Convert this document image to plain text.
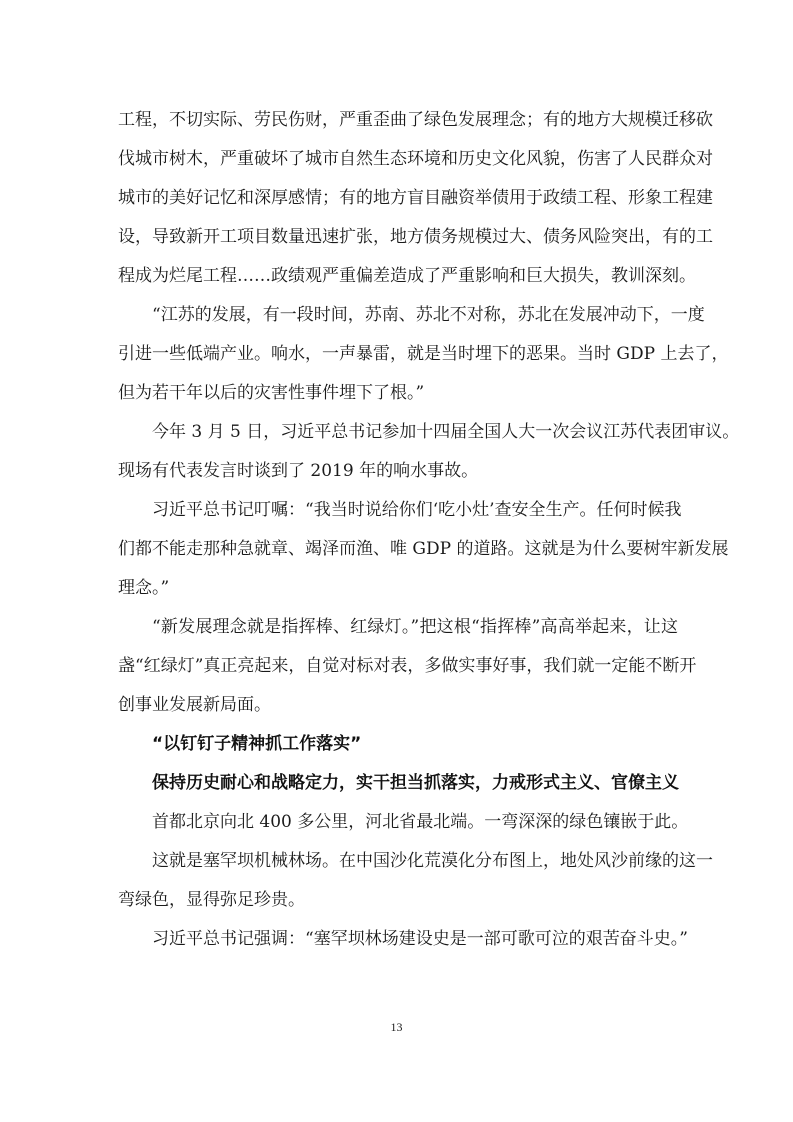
工程，不切实际、劳民伤财，严重歪曲了绿色发展理念；有的地方大规模迁移砍
伐城市树木，严重破坏了城市自然生态环境和历史文化风貌，伤害了人民群众对
城市的美好记忆和深厚感情；有的地方盲目融资举债用于政绩工程、形象工程建
设，导致新开工项目数量迅速扩张，地方债务规模过大、债务风险突出，有的工
程成为烂尾工程……政绩观严重偏差造成了严重影响和巨大损失，教训深刻。
“江苏的发展，有一段时间，苏南、苏北不对称，苏北在发展冲动下，一度
引进一些低端产业。响水，一声暴雷，就是当时埋下的恶果。当时 GDP 上去了，
但为若干年以后的灾害性事件埋下了根。”
今年 3 月 5 日，习近平总书记参加十四届全国人大一次会议江苏代表团审议。
现场有代表发言时谈到了 2019 年的响水事故。
习近平总书记叮嘱：“我当时说给你们‘吃小灶’查安全生产。任何时候我
们都不能走那种急就章、竭泽而渔、唯 GDP 的道路。这就是为什么要树牢新发展
理念。”
“新发展理念就是指挥棒、红绿灯。”把这根“指挥棒”高高举起来，让这
盏“红绿灯”真正亮起来，自觉对标对表，多做实事好事，我们就一定能不断开
创事业发展新局面。
“以钉钉子精神抓工作落实”
保持历史耐心和战略定力，实干担当抓落实，力戒形式主义、官僚主义
首都北京向北 400 多公里，河北省最北端。一弯深深的绿色镶嵌于此。
这就是塞罕坝机械林场。在中国沙化荒漠化分布图上，地处风沙前缘的这一
弯绿色，显得弥足珍贵。
习近平总书记强调：“塞罕坝林场建设史是一部可歌可泣的艰苦奋斗史。”
13
